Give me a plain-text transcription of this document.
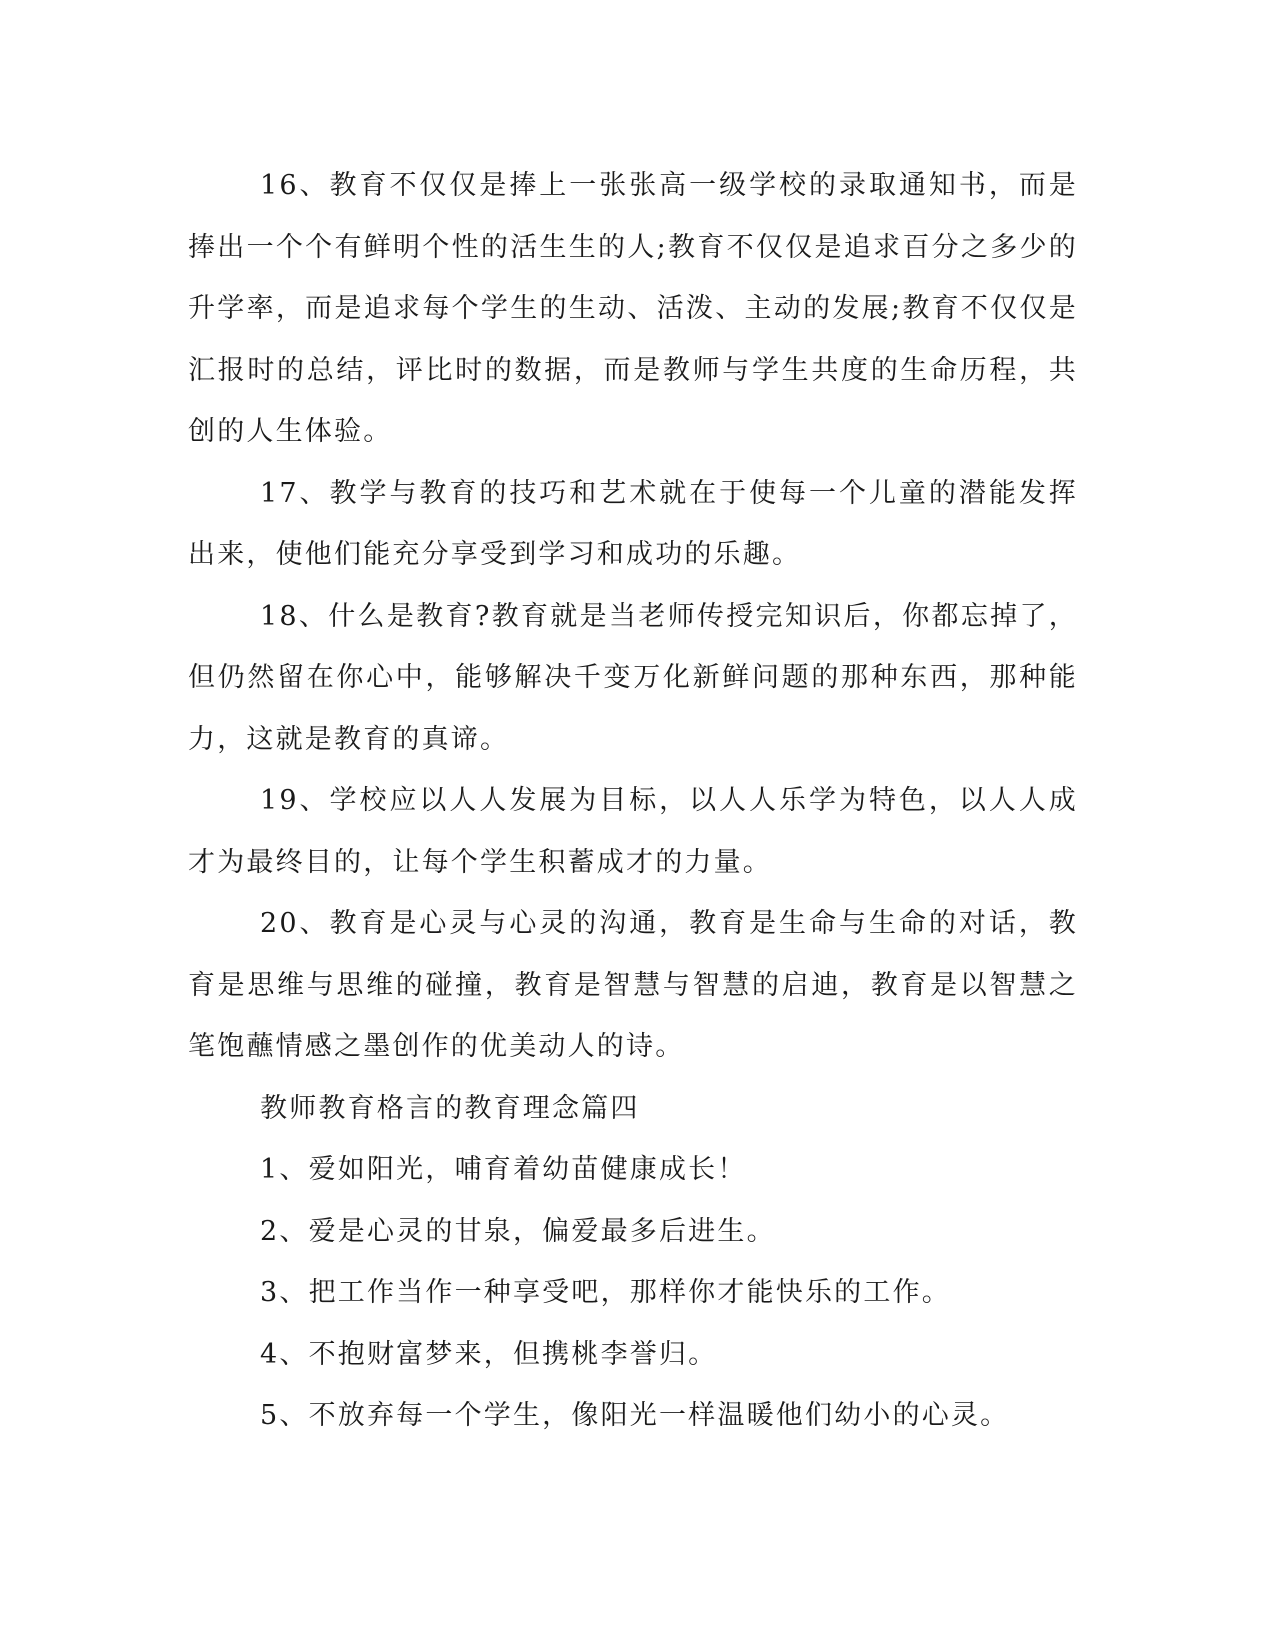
16、教育不仅仅是捧上一张张高一级学校的录取通知书，而是捧出一个个有鲜明个性的活生生的人;教育不仅仅是追求百分之多少的升学率，而是追求每个学生的生动、活泼、主动的发展;教育不仅仅是汇报时的总结，评比时的数据，而是教师与学生共度的生命历程，共创的人生体验。

17、教学与教育的技巧和艺术就在于使每一个儿童的潜能发挥出来，使他们能充分享受到学习和成功的乐趣。

18、什么是教育?教育就是当老师传授完知识后，你都忘掉了，但仍然留在你心中，能够解决千变万化新鲜问题的那种东西，那种能力，这就是教育的真谛。

19、学校应以人人发展为目标，以人人乐学为特色，以人人成才为最终目的，让每个学生积蓄成才的力量。

20、教育是心灵与心灵的沟通，教育是生命与生命的对话，教育是思维与思维的碰撞，教育是智慧与智慧的启迪，教育是以智慧之笔饱蘸情感之墨创作的优美动人的诗。

教师教育格言的教育理念篇四

1、爱如阳光，哺育着幼苗健康成长！

2、爱是心灵的甘泉，偏爱最多后进生。

3、把工作当作一种享受吧，那样你才能快乐的工作。

4、不抱财富梦来，但携桃李誉归。

5、不放弃每一个学生，像阳光一样温暖他们幼小的心灵。
